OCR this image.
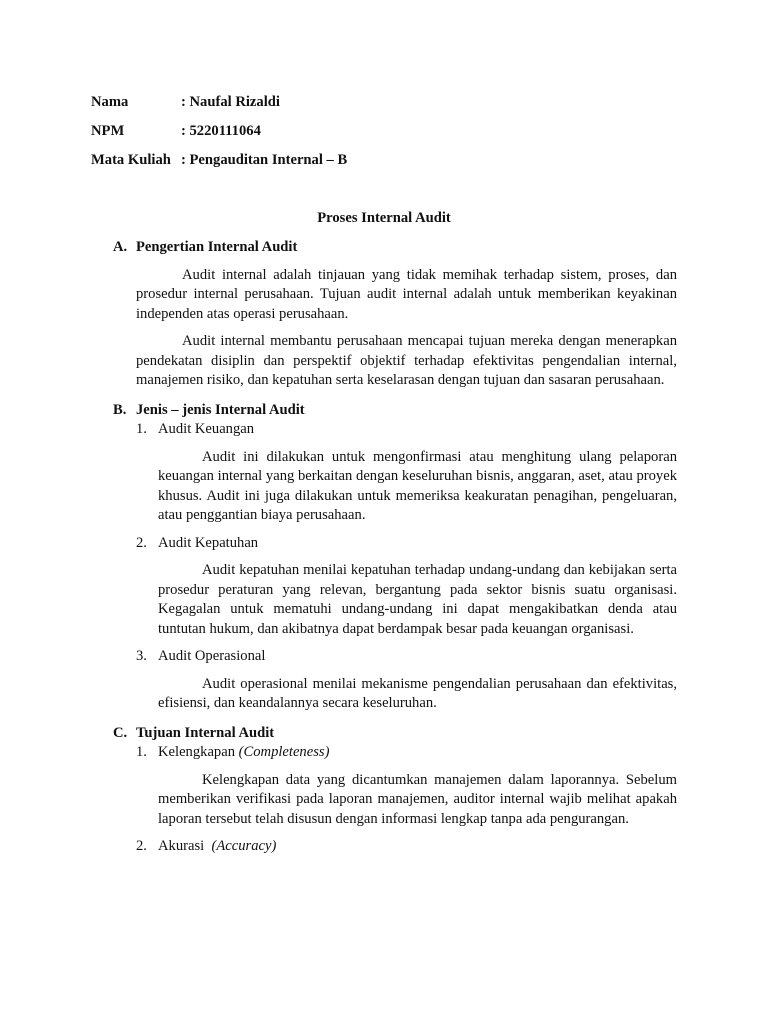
Nama	: Naufal Rizaldi
NPM	: 5220111064
Mata Kuliah : Pengauditan Internal – B
Proses Internal Audit
A. Pengertian Internal Audit

Audit internal adalah tinjauan yang tidak memihak terhadap sistem, proses, dan prosedur internal perusahaan. Tujuan audit internal adalah untuk memberikan keyakinan independen atas operasi perusahaan.

Audit internal membantu perusahaan mencapai tujuan mereka dengan menerapkan pendekatan disiplin dan perspektif objektif terhadap efektivitas pengendalian internal, manajemen risiko, dan kepatuhan serta keselarasan dengan tujuan dan sasaran perusahaan.

B. Jenis – jenis Internal Audit
1. Audit Keuangan

Audit ini dilakukan untuk mengonfirmasi atau menghitung ulang pelaporan keuangan internal yang berkaitan dengan keseluruhan bisnis, anggaran, aset, atau proyek khusus. Audit ini juga dilakukan untuk memeriksa keakuratan penagihan, pengeluaran, atau penggantian biaya perusahaan.

2. Audit Kepatuhan

Audit kepatuhan menilai kepatuhan terhadap undang-undang dan kebijakan serta prosedur peraturan yang relevan, bergantung pada sektor bisnis suatu organisasi. Kegagalan untuk mematuhi undang-undang ini dapat mengakibatkan denda atau tuntutan hukum, dan akibatnya dapat berdampak besar pada keuangan organisasi.

3. Audit Operasional

Audit operasional menilai mekanisme pengendalian perusahaan dan efektivitas, efisiensi, dan keandalannya secara keseluruhan.

C. Tujuan Internal Audit
1. Kelengkapan (Completeness)

Kelengkapan data yang dicantumkan manajemen dalam laporannya. Sebelum memberikan verifikasi pada laporan manajemen, auditor internal wajib melihat apakah laporan tersebut telah disusun dengan informasi lengkap tanpa ada pengurangan.

2. Akurasi  (Accuracy)
